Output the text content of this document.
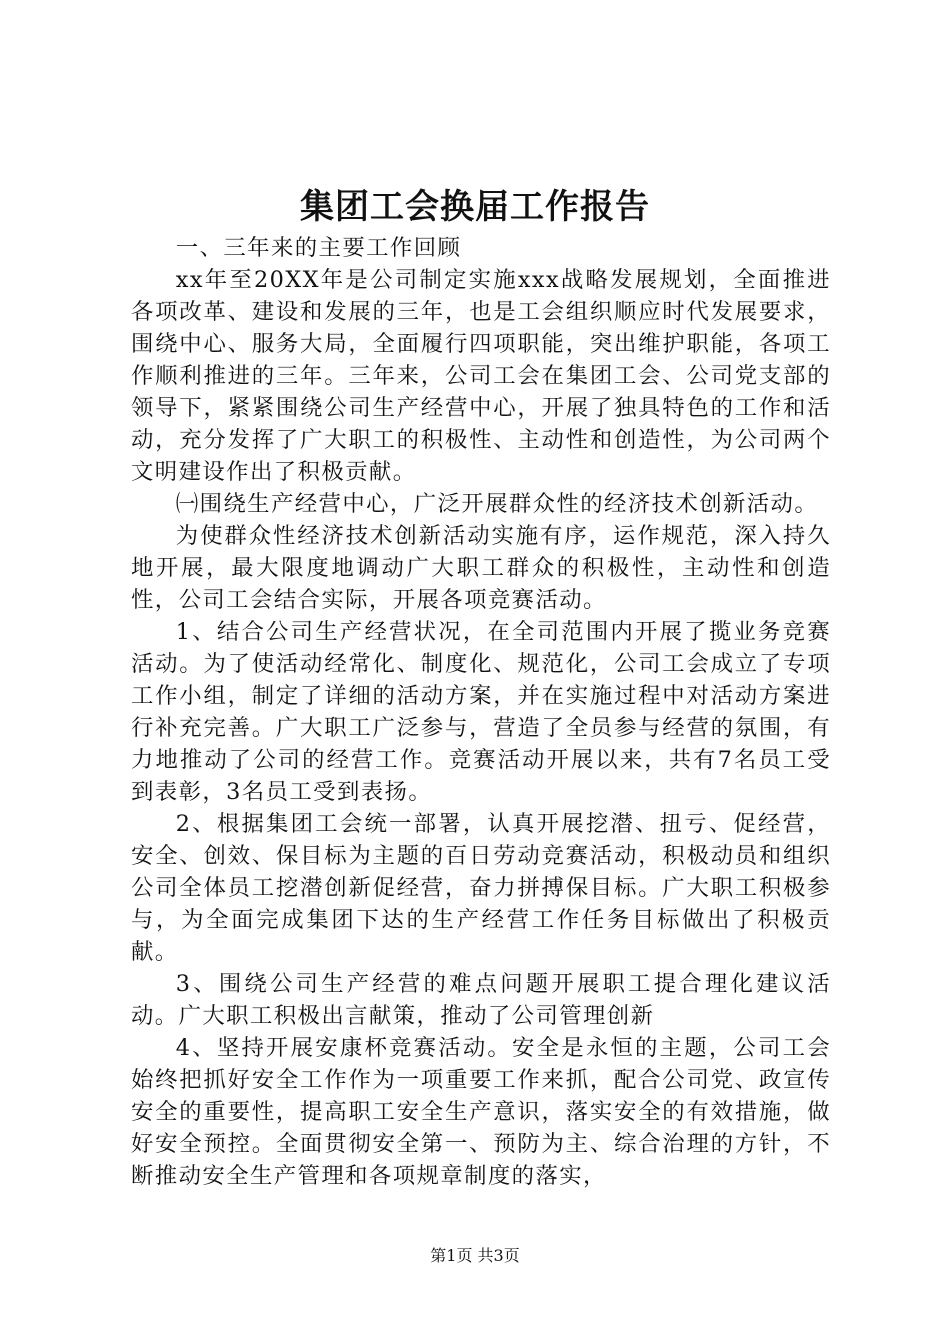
集团工会换届工作报告

一、三年来的主要工作回顾

xx年至20XX年是公司制定实施xxx战略发展规划，全面推进各项改革、建设和发展的三年，也是工会组织顺应时代发展要求，围绕中心、服务大局，全面履行四项职能，突出维护职能，各项工作顺利推进的三年。三年来，公司工会在集团工会、公司党支部的领导下，紧紧围绕公司生产经营中心，开展了独具特色的工作和活动，充分发挥了广大职工的积极性、主动性和创造性，为公司两个文明建设作出了积极贡献。

㈠围绕生产经营中心，广泛开展群众性的经济技术创新活动。

为使群众性经济技术创新活动实施有序，运作规范，深入持久地开展，最大限度地调动广大职工群众的积极性，主动性和创造性，公司工会结合实际，开展各项竞赛活动。

1、结合公司生产经营状况，在全司范围内开展了揽业务竞赛活动。为了使活动经常化、制度化、规范化，公司工会成立了专项工作小组，制定了详细的活动方案，并在实施过程中对活动方案进行补充完善。广大职工广泛参与，营造了全员参与经营的氛围，有力地推动了公司的经营工作。竞赛活动开展以来，共有7名员工受到表彰，3名员工受到表扬。

2、根据集团工会统一部署，认真开展挖潜、扭亏、促经营，安全、创效、保目标为主题的百日劳动竞赛活动，积极动员和组织公司全体员工挖潜创新促经营，奋力拼搏保目标。广大职工积极参与，为全面完成集团下达的生产经营工作任务目标做出了积极贡献。

3、围绕公司生产经营的难点问题开展职工提合理化建议活动。广大职工积极出言献策，推动了公司管理创新

4、坚持开展安康杯竞赛活动。安全是永恒的主题，公司工会始终把抓好安全工作作为一项重要工作来抓，配合公司党、政宣传安全的重要性，提高职工安全生产意识，落实安全的有效措施，做好安全预控。全面贯彻安全第一、预防为主、综合治理的方针，不断推动安全生产管理和各项规章制度的落实，

第1页 共3页
